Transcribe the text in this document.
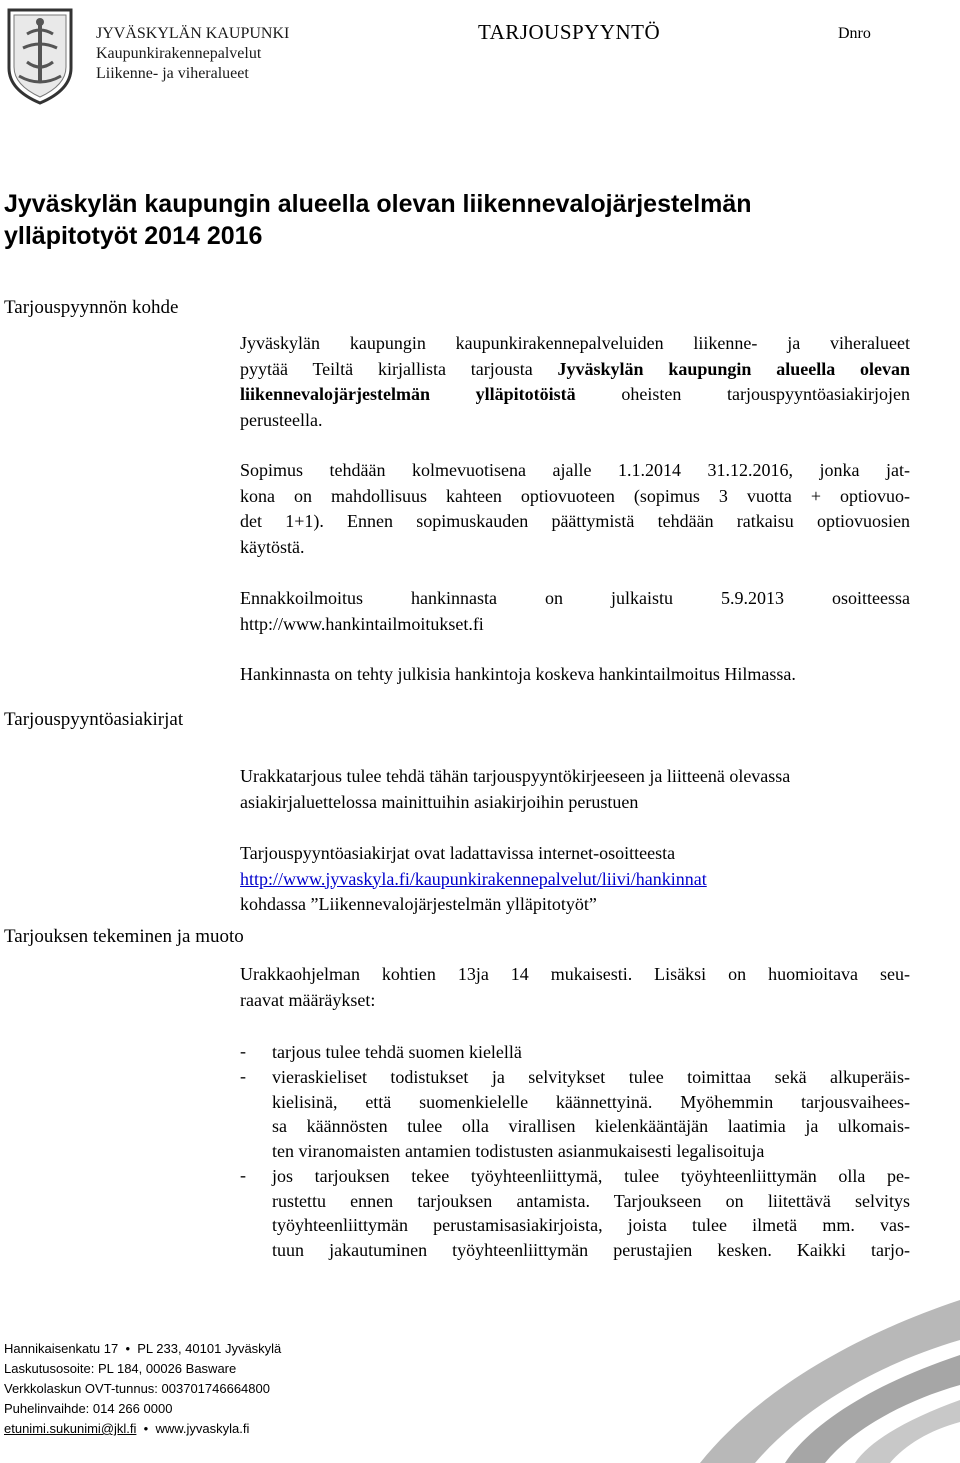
JYVÄSKYLÄN KAUPUNKI
Kaupunkirakennepalvelut
Liikenne- ja viheralueet
TARJOUSPYYNTÖ	Dnro
Jyväskylän kaupungin alueella olevan liikennevalojärjestelmän
ylläpitotyöt 2014 2016
Tarjouspyynnön kohde
Tarjouspyyntöasiakirjat
Tarjouksen tekeminen ja muoto
Jyväskylän kaupungin kaupunkirakennepalveluiden liikenne- ja viheralueet
pyytää Teiltä kirjallista tarjousta Jyväskylän kaupungin alueella olevan
liikennevalojärjestelmän ylläpitotöistä	oheisten tarjouspyyntöasiakirjojen
perusteella.
Sopimus tehdään kolmevuotisena ajalle 1.1.2014 31.12.2016, jonka jat-
kona on mahdollisuus kahteen optiovuoteen (sopimus 3 vuotta + optiovuo-
det 1+1). Ennen sopimuskauden päättymistä tehdään ratkaisu optiovuosien
käytöstä.
Ennakkoilmoitus hankinnasta on julkaistu 5.9.2013 osoitteessa
http://www.hankintailmoitukset.fi
Hankinnasta on tehty julkisia hankintoja koskeva hankintailmoitus Hilmassa.
Urakkatarjous tulee tehdä tähän tarjouspyyntökirjeeseen ja liitteenä olevassa
asiakirjaluettelossa mainittuihin asiakirjoihin perustuen
Tarjouspyyntöasiakirjat ovat ladattavissa internet-osoitteesta
http://www.jyvaskyla.fi/kaupunkirakennepalvelut/liivi/hankinnat
kohdassa ”Liikennevalojärjestelmän ylläpitotyöt”
Urakkaohjelman kohtien 13ja 14 mukaisesti. Lisäksi on huomioitava seu-
raavat määräykset:
- tarjous tulee tehdä suomen kielellä
- vieraskieliset todistukset ja selvitykset tulee toimittaa sekä alkuperäis-
kielisinä, että suomenkielelle käännettyinä. Myöhemmin tarjousvaihees-
sa käännösten tulee olla virallisen kielenkääntäjän laatimia ja ulkomais-
ten viranomaisten antamien todistusten asianmukaisesti legalisoituja
- jos tarjouksen tekee työyhteenliittymä, tulee työyhteenliittymän olla pe-
rustettu ennen tarjouksen antamista. Tarjoukseen on liitettävä selvitys
työyhteenliittymän perustamisasiakirjoista, joista tulee ilmetä mm. vas-
tuun jakautuminen työyhteenliittymän perustajien kesken. Kaikki tarjo-
Hannikaisenkatu 17 • PL 233, 40101 Jyväskylä
Laskutusosoite: PL 184, 00026 Basware
Verkkolaskun OVT-tunnus: 003701746664800
Puhelinvaihde: 014 266 0000
etunimi.sukunimi@jkl.fi • www.jyvaskyla.fi
